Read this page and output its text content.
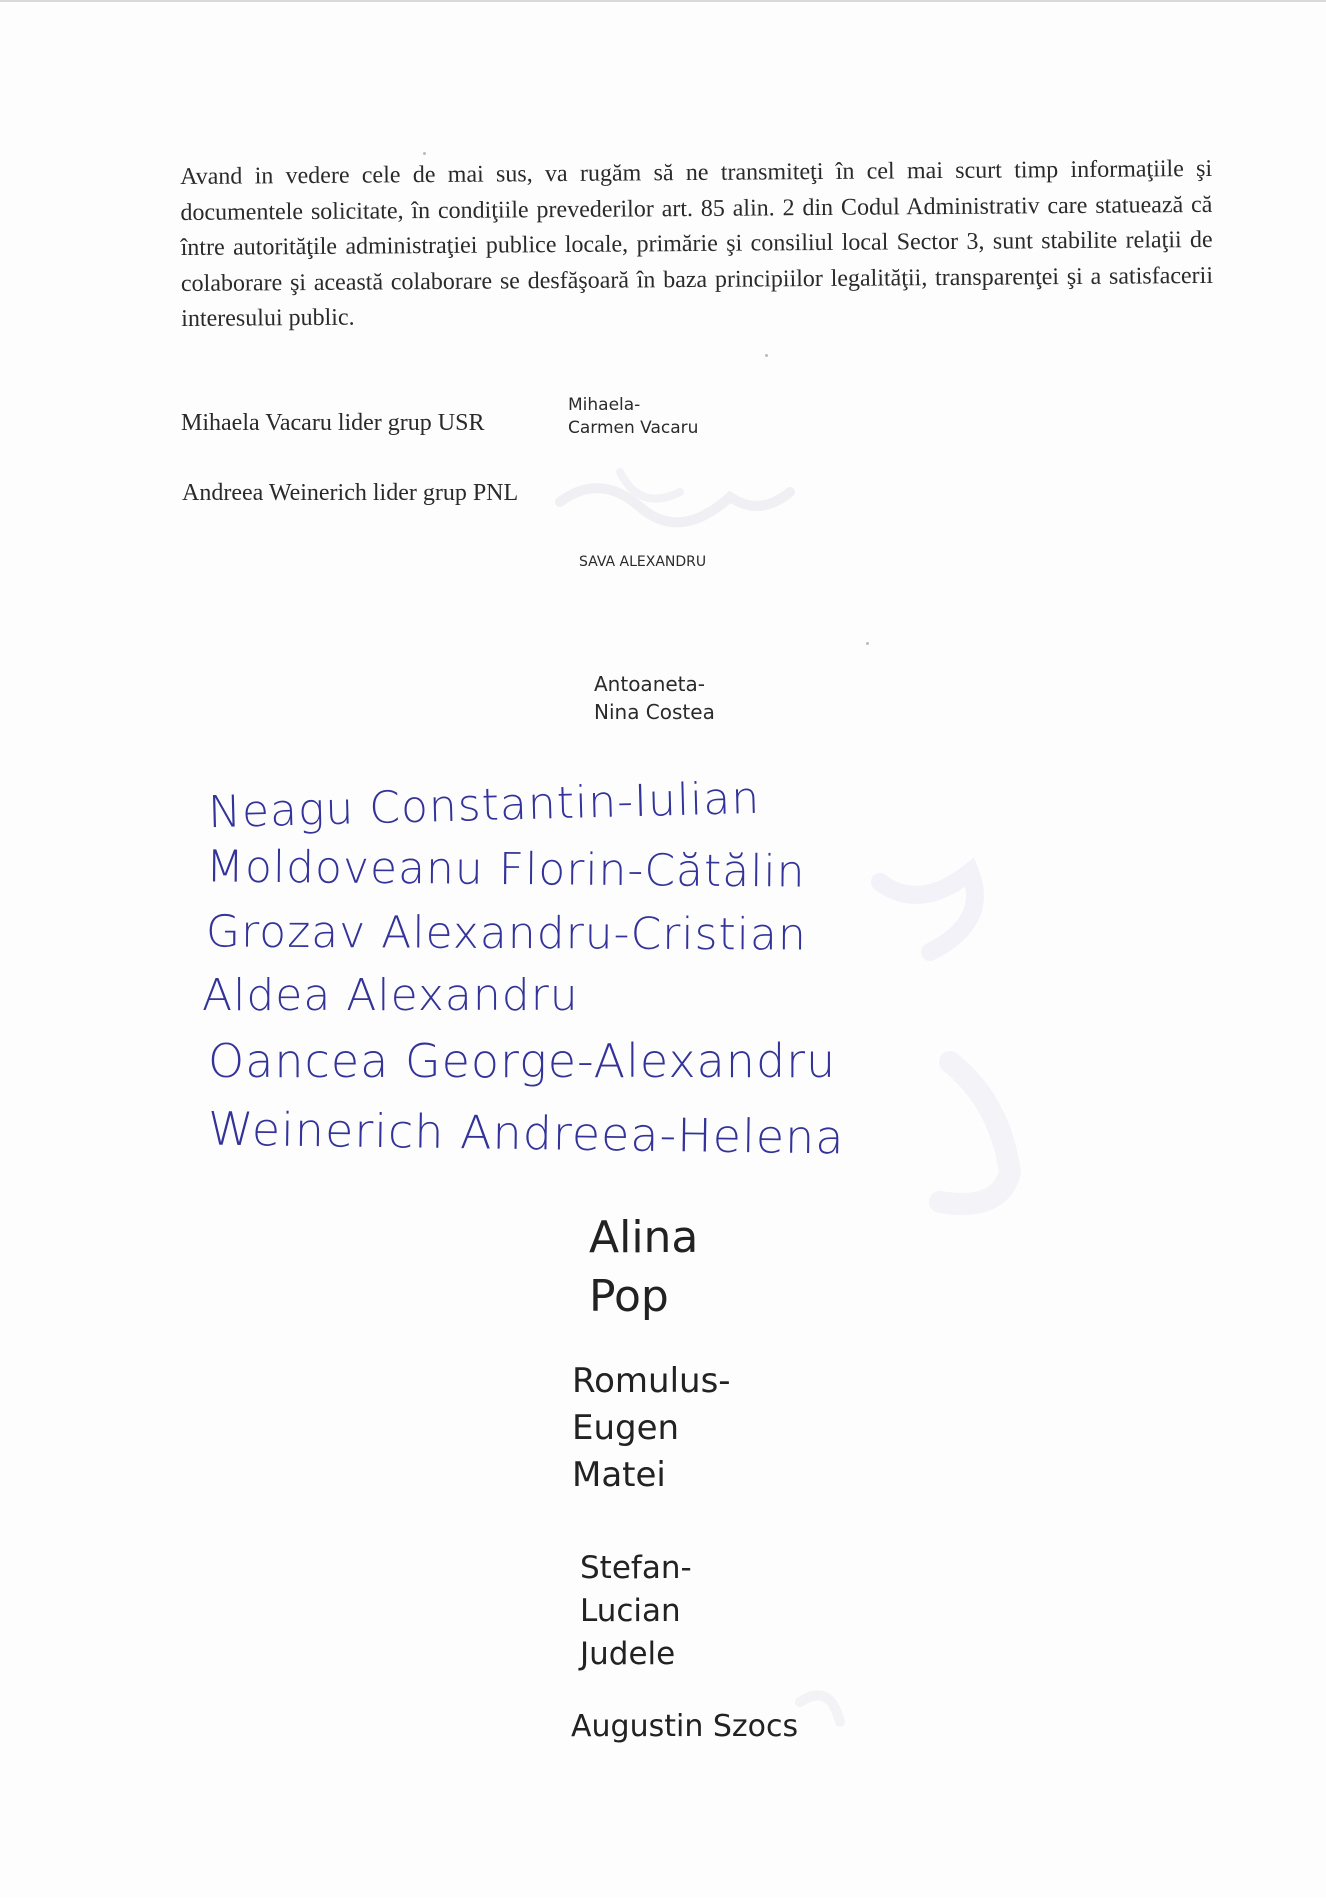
Avand in vedere cele de mai sus, va rugăm să ne transmiteţi în cel mai scurt timp informaţiile şi documentele solicitate, în condiţiile prevederilor art. 85 alin. 2 din Codul Administrativ care statuează că între autorităţile administraţiei publice locale, primărie şi consiliul local Sector 3, sunt stabilite relaţii de colaborare şi această colaborare se desfăşoară în baza principiilor legalităţii, transparenţei şi a satisfacerii interesului public.
Mihaela Vacaru lider grup USR
Andreea Weinerich lider grup PNL
Mihaela-
Carmen Vacaru
SAVA ALEXANDRU
Antoaneta-
Nina Costea
Neagu Constantin-Iulian
Moldoveanu Florin-Cătălin
Grozav Alexandru-Cristian
Aldea Alexandru
Oancea George-Alexandru
Weinerich Andreea-Helena
Alina
Pop
Romulus-
Eugen
Matei
Stefan-
Lucian
Judele
Augustin Szocs
